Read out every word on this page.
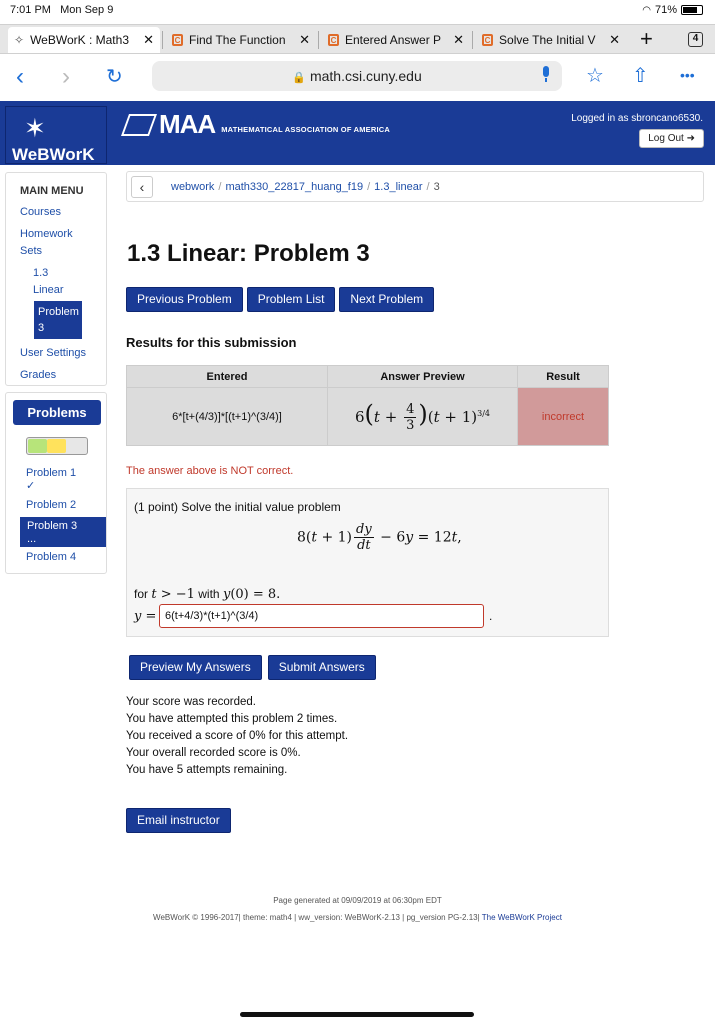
7:01 PM Mon Sep 9	◠ 71%
✧ WeBWorK : Math3	✕	C Find The Function	✕	C Entered Answer P ✕	C Solve The Initial V	✕ +	4
‹ › ↻	🔒 math.csi.cuny.edu	☆ ⇧ •••
✶
WeBWorK
MAA MATHEMATICAL ASSOCIATION OF AMERICA
Logged in as sbroncano6530.
Log Out ➜
MAIN MENU
Courses
Homework Sets
1.3 Linear
Problem 3
User Settings
Grades
Problems
Problem 1
✓
Problem 2
Problem 3
...
Problem 4
‹	webwork / math330_22817_huang_f19 / 1.3_linear / 3
1.3 Linear: Problem 3
Previous Problem	Problem List	Next Problem
Results for this submission
Entered	Answer Preview	Result
6*[t+(4/3)]*[(t+1)^(3/4)]	$6(t + \frac{4}{3} )(t + 1)^{3/4}$	incorrect
The answer above is NOT correct.
(1 point) Solve the initial value problem
$8(t + 1) \frac{dy}{dt} - 6y = 12t$,
for t > −1 with y(0) = 8.
y =
6(t+4/3)*(t+1)^(3/4)	.
Preview My Answers	Submit Answers
Your score was recorded.
You have attempted this problem 2 times.
You received a score of 0% for this attempt.
Your overall recorded score is 0%.
You have 5 attempts remaining.
Email instructor
Page generated at 09/09/2019 at 06:30pm EDT
WeBWorK © 1996-2017| theme: math4 | ww_version: WeBWorK-2.13 | pg_version PG-2.13| The WeBWorK Project
